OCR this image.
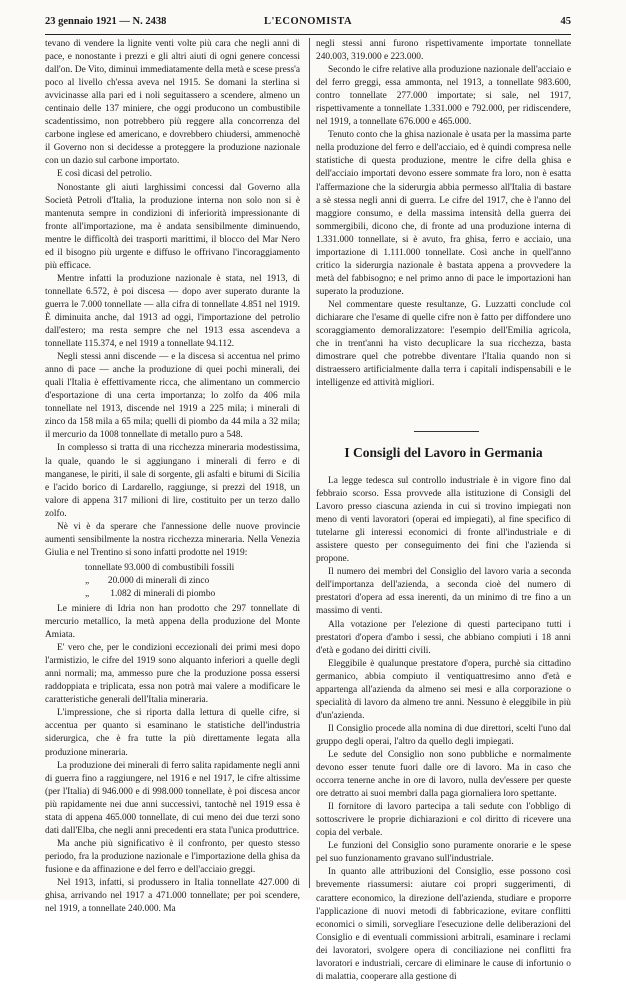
23 gennaio 1921 — N. 2438	L'ECONOMISTA	45

tevano di vendere la lignite venti volte più cara che negli anni di pace, e nonostante i prezzi e gli altri aiuti di ogni genere concessi dall'on. De Vito, diminuì immediatamente della metà e scese press'a poco al livello ch'essa aveva nel 1915. Se domani la sterlina si avvicinasse alla pari ed i noli seguitassero a scendere, almeno un centinaio delle 137 miniere, che oggi producono un combustibile scadentissimo, non potrebbero più reggere alla concorrenza del carbone inglese ed americano, e dovrebbero chiudersi, ammenochè il Governo non si decidesse a proteggere la produzione nazionale con un dazio sul carbone importato.

E così dicasi del petrolio.

Nonostante gli aiuti larghissimi concessi dal Governo alla Società Petroli d'Italia, la produzione interna non solo non si è mantenuta sempre in condizioni di inferiorità impressionante di fronte all'importazione, ma è andata sensibilmente diminuendo, mentre le difficoltà dei trasporti marittimi, il blocco del Mar Nero ed il bisogno più urgente e diffuso le offrivano l'incoraggiamento più efficace.

Mentre infatti la produzione nazionale è stata, nel 1913, di tonnellate 6.572, è poi discesa — dopo aver superato durante la guerra le 7.000 tonnellate — alla cifra di tonnellate 4.851 nel 1919. È diminuita anche, dal 1913 ad oggi, l'importazione del petrolio dall'estero; ma resta sempre che nel 1913 essa ascendeva a tonnellate 115.374, e nel 1919 a tonnellate 94.112.

Negli stessi anni discende — e la discesa si accentua nel primo anno di pace — anche la produzione di quei pochi minerali, dei quali l'Italia è effettivamente ricca, che alimentano un commercio d'esportazione di una certa importanza; lo zolfo da 406 mila tonnellate nel 1913, discende nel 1919 a 225 mila; i minerali di zinco da 158 mila a 65 mila; quelli di piombo da 44 mila a 32 mila; il mercurio da 1008 tonnellate di metallo puro a 548.

In complesso si tratta di una ricchezza mineraria modestissima, la quale, quando le si aggiungano i minerali di ferro e di manganese, le piriti, il sale di sorgente, gli asfalti e bitumi di Sicilia e l'acido borico di Lardarello, raggiunge, si prezzi del 1918, un valore di appena 317 milioni di lire, costituito per un terzo dallo zolfo.

Nè vi è da sperare che l'annessione delle nuove provincie aumenti sensibilmente la nostra ricchezza mineraria. Nella Venezia Giulia e nel Trentino si sono infatti prodotte nel 1919:

tonnellate 93.000 di combustibili fossili
„        20.000 di minerali di zinco
„         1.082 di minerali di piombo

Le miniere di Idria non han prodotto che 297 tonnellate di mercurio metallico, la metà appena della produzione del Monte Amiata.

E' vero che, per le condizioni eccezionali dei primi mesi dopo l'armistizio, le cifre del 1919 sono alquanto inferiori a quelle degli anni normali; ma, ammesso pure che la produzione possa essersi raddoppiata e triplicata, essa non potrà mai valere a modificare le caratteristiche generali dell'Italia mineraria.

L'impressione, che si riporta dalla lettura di quelle cifre, si accentua per quanto si esaminano le statistiche dell'industria siderurgica, che è fra tutte la più direttamente legata alla produzione mineraria.

La produzione dei minerali di ferro salita rapidamente negli anni di guerra fino a raggiungere, nel 1916 e nel 1917, le cifre altissime (per l'Italia) di 946.000 e di 998.000 tonnellate, è poi discesa ancor più rapidamente nei due anni successivi, tantochè nel 1919 essa è stata di appena 465.000 tonnellate, di cui meno dei due terzi sono dati dall'Elba, che negli anni precedenti era stata l'unica produttrice.

Ma anche più significativo è il confronto, per questo stesso periodo, fra la produzione nazionale e l'importazione della ghisa da fusione e da affinazione e del ferro e dell'acciaio greggi.

Nel 1913, infatti, si produssero in Italia tonnellate 427.000 di ghisa, arrivando nel 1917 a 471.000 tonnellate; per poi scendere, nel 1919, a tonnellate 240.000. Ma

negli stessi anni furono rispettivamente importate tonnellate 240.003, 319.000 e 223.000.

Secondo le cifre relative alla produzione nazionale dell'acciaio e del ferro greggi, essa ammonta, nel 1913, a tonnellate 983.600, contro tonnellate 277.000 importate; si sale, nel 1917, rispettivamente a tonnellate 1.331.000 e 792.000, per ridiscendere, nel 1919, a tonnellate 676.000 e 465.000.

Tenuto conto che la ghisa nazionale è usata per la massima parte nella produzione del ferro e dell'acciaio, ed è quindi compresa nelle statistiche di questa produzione, mentre le cifre della ghisa e dell'acciaio importati devono essere sommate fra loro, non è esatta l'affermazione che la siderurgia abbia permesso all'Italia di bastare a sè stessa negli anni di guerra. Le cifre del 1917, che è l'anno del maggiore consumo, e della massima intensità della guerra dei sommergibili, dicono che, di fronte ad una produzione interna di 1.331.000 tonnellate, si è avuto, fra ghisa, ferro e acciaio, una importazione di 1.111.000 tonnellate. Così anche in quell'anno critico la siderurgia nazionale è bastata appena a provvedere la metà del fabbisogno; e nel primo anno di pace le importazioni han superato la produzione.

Nel commentare queste resultanze, G. Luzzatti conclude col dichiarare che l'esame di quelle cifre non è fatto per diffondere uno scoraggiamento demoralizzatore: l'esempio dell'Emilia agricola, che in trent'anni ha visto decuplicare la sua ricchezza, basta dimostrare quel che potrebbe diventare l'Italia quando non si distraessero artificialmente dalla terra i capitali indispensabili e le intelligenze ed attività migliori.

I Consigli del Lavoro in Germania

La legge tedesca sul controllo industriale è in vigore fino dal febbraio scorso. Essa provvede alla istituzione di Consigli del Lavoro presso ciascuna azienda in cui si trovino impiegati non meno di venti lavoratori (operai ed impiegati), al fine specifico di tutelarne gli interessi economici di fronte all'industriale e di assistere questo per conseguimento dei fini che l'azienda si propone.

Il numero dei membri del Consiglio del lavoro varia a seconda dell'importanza dell'azienda, a seconda cioè del numero di prestatori d'opera ad essa inerenti, da un minimo di tre fino a un massimo di venti.

Alla votazione per l'elezione di questi partecipano tutti i prestatori d'opera d'ambo i sessi, che abbiano compiuti i 18 anni d'età e godano dei diritti civili.

Eleggibile è qualunque prestatore d'opera, purchè sia cittadino germanico, abbia compiuto il ventiquattresimo anno d'età e appartenga all'azienda da almeno sei mesi e alla corporazione o specialità di lavoro da almeno tre anni. Nessuno è eleggibile in più d'un'azienda.

Il Consiglio procede alla nomina di due direttori, scelti l'uno dal gruppo degli operai, l'altro da quello degli impiegati.

Le sedute del Consiglio non sono pubbliche e normalmente devono esser tenute fuori dalle ore di lavoro. Ma in caso che occorra tenerne anche in ore di lavoro, nulla dev'essere per queste ore detratto ai suoi membri dalla paga giornaliera loro spettante.

Il fornitore di lavoro partecipa a tali sedute con l'obbligo di sottoscrivere le proprie dichiarazioni e col diritto di ricevere una copia del verbale.

Le funzioni del Consiglio sono puramente onorarie e le spese pel suo funzionamento gravano sull'industriale.

In quanto alle attribuzioni del Consiglio, esse possono così brevemente riassumersi: aiutare coi propri suggerimenti, di carattere economico, la direzione dell'azienda, studiare e proporre l'applicazione di nuovi metodi di fabbricazione, evitare conflitti economici o simili, sorvegliare l'esecuzione delle deliberazioni del Consiglio e di eventuali commissioni arbitrali, esaminare i reclami dei lavoratori, svolgere opera di conciliazione nei conflitti fra lavoratori e industriali, cercare di eliminare le cause di infortunio o di malattia, cooperare alla gestione di
